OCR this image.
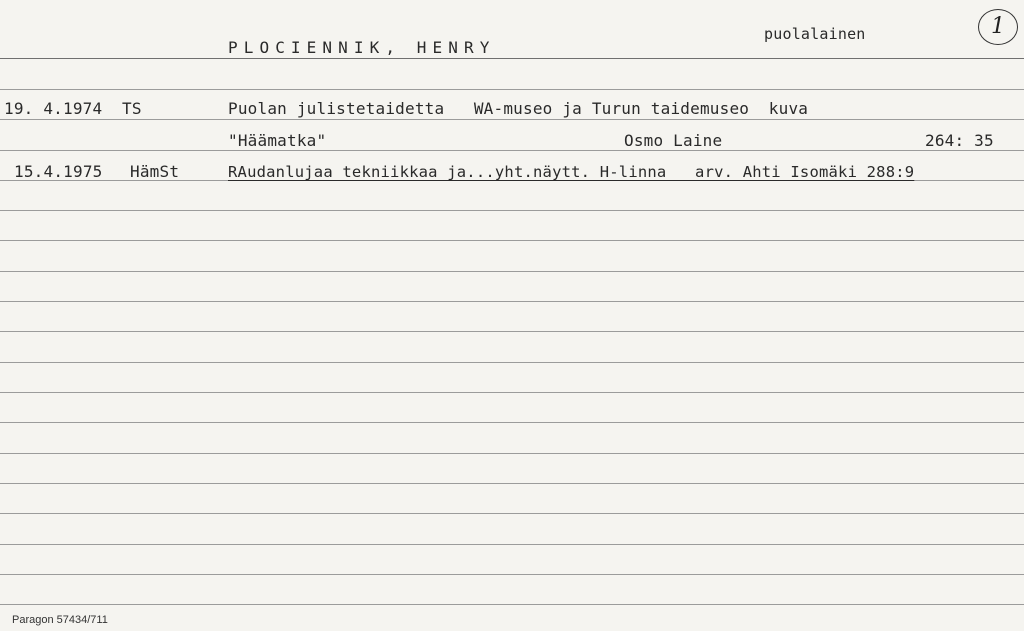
PLOCIENNIK, HENRY
puolalainen	1
19. 4.1974 TS	Puolan julistetaidetta   WA-museo ja Turun taidemuseo  kuva
"Häämatka"	Osmo Laine	264: 35
15.4.1975 HämSt	RAudanlujaa tekniikkaa ja...yht.näytt. H-linna   arv. Ahti Isomäki 288:9
Paragon 57434/711
